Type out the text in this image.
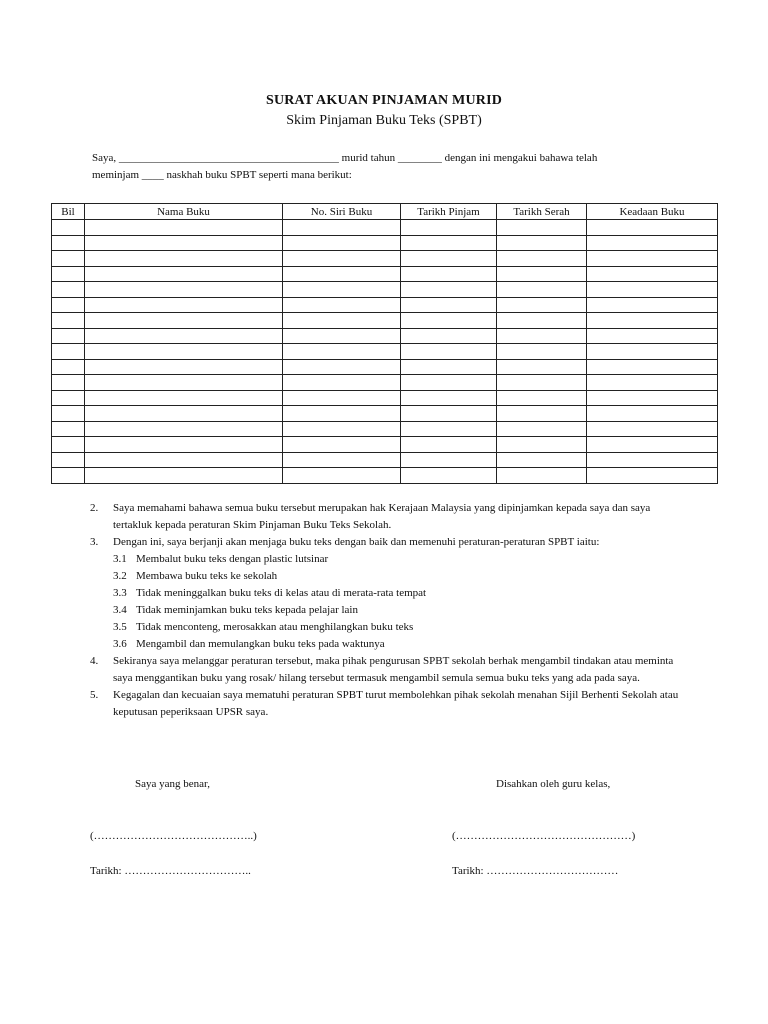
SURAT AKUAN PINJAMAN MURID
Skim Pinjaman Buku Teks (SPBT)
Saya, ________________________________________ murid tahun ________ dengan ini mengakui bahawa telah
meminjam ____ naskhah buku SPBT seperti mana berikut:
Bil	Nama Buku	No. Siri Buku	Tarikh Pinjam	Tarikh Serah	Keadaan Buku

2. Saya memahami bahawa semua buku tersebut merupakan hak Kerajaan Malaysia yang dipinjamkan kepada saya dan saya tertakluk kepada peraturan Skim Pinjaman Buku Teks Sekolah.
3. Dengan ini, saya berjanji akan menjaga buku teks dengan baik dan memenuhi peraturan-peraturan SPBT iaitu:
3.1 Membalut buku teks dengan plastic lutsinar
3.2 Membawa buku teks ke sekolah
3.3 Tidak meninggalkan buku teks di kelas atau di merata-rata tempat
3.4 Tidak meminjamkan buku teks kepada pelajar lain
3.5 Tidak menconteng, merosakkan atau menghilangkan buku teks
3.6 Mengambil dan memulangkan buku teks pada waktunya
4. Sekiranya saya melanggar peraturan tersebut, maka pihak pengurusan SPBT sekolah berhak mengambil tindakan atau meminta saya menggantikan buku yang rosak/ hilang tersebut termasuk mengambil semula semua buku teks yang ada pada saya.
5. Kegagalan dan kecuaian saya mematuhi peraturan SPBT turut membolehkan pihak sekolah menahan Sijil Berhenti Sekolah atau keputusan peperiksaan UPSR saya.
Saya yang benar,	Disahkan oleh guru kelas,
(……………………………………..)	(…………………………………………)
Tarikh: ……………………………..	Tarikh: ………………………………
